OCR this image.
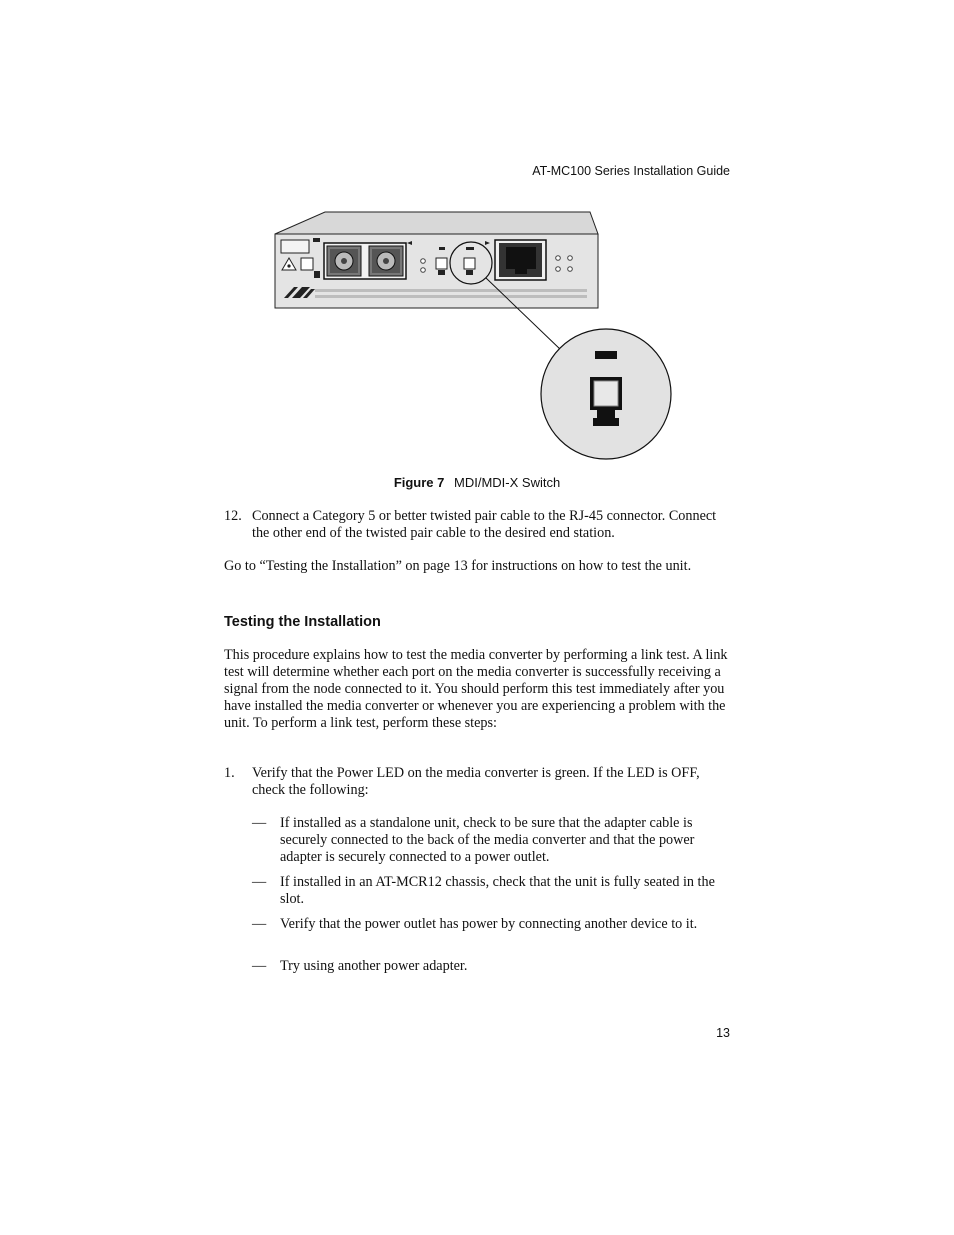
AT-MC100 Series Installation Guide
Figure 7 MDI/MDI-X Switch
12. Connect a Category 5 or better twisted pair cable to the RJ-45 connector. Connect the other end of the twisted pair cable to the desired end station.
Go to “Testing the Installation” on page 13 for instructions on how to test the unit.
Testing the Installation
This procedure explains how to test the media converter by performing a link test. A link test will determine whether each port on the media converter is successfully receiving a signal from the node connected to it. You should perform this test immediately after you have installed the media converter or whenever you are experiencing a problem with the unit. To perform a link test, perform these steps:
1.	Verify that the Power LED on the media converter is green. If the LED is OFF, check the following:
— If installed as a standalone unit, check to be sure that the adapter cable is securely connected to the back of the media converter and that the power adapter is securely connected to a power outlet.
— If installed in an AT-MCR12 chassis, check that the unit is fully seated in the slot.
— Verify that the power outlet has power by connecting another device to it.
— Try using another power adapter.
13
